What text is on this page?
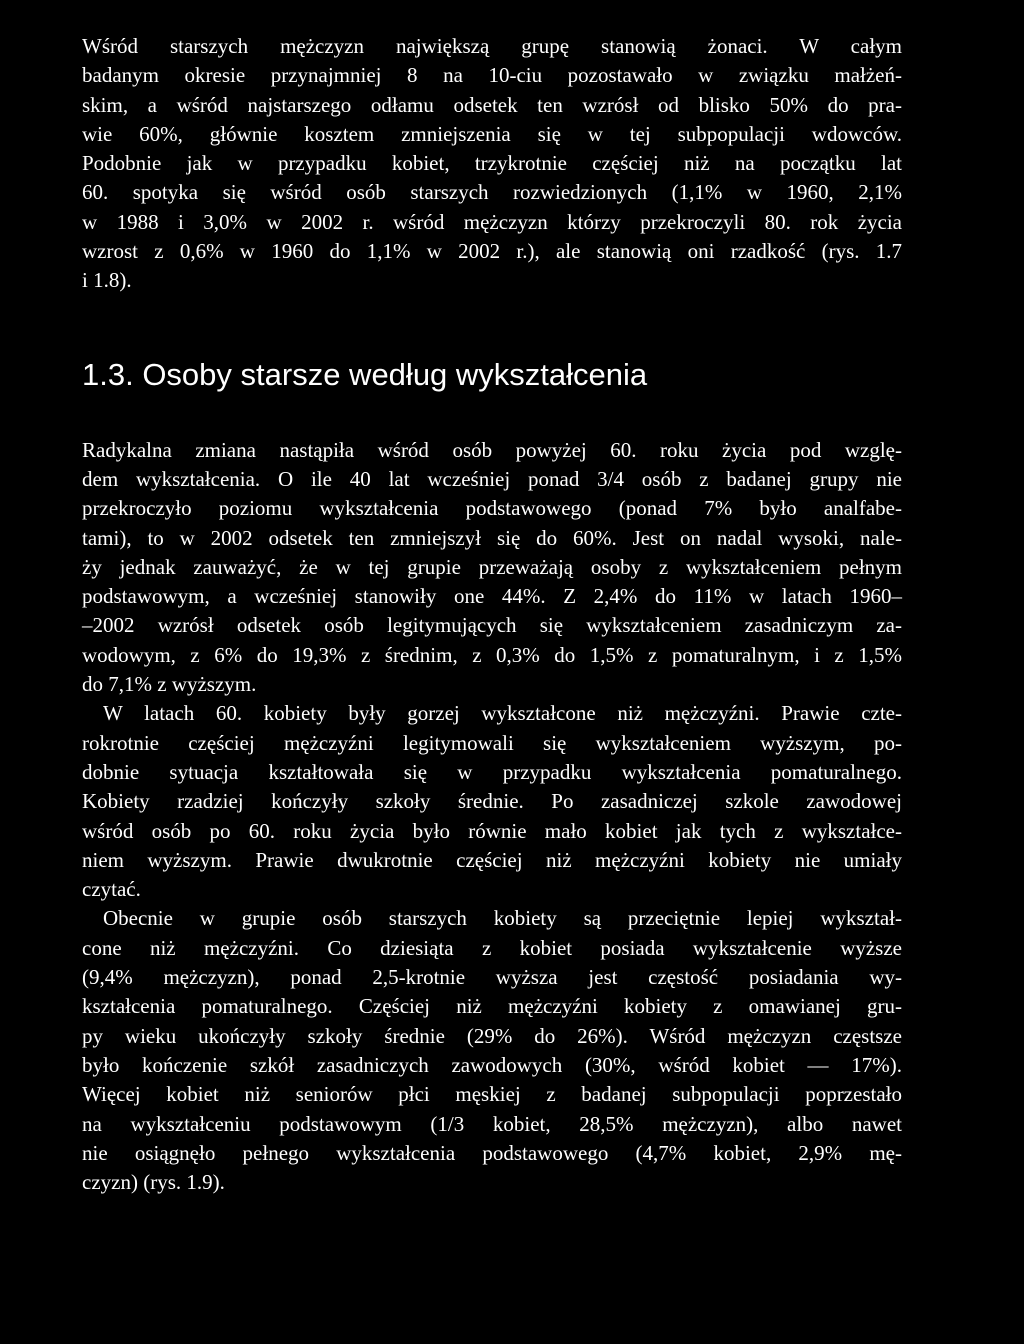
Wśród starszych mężczyzn największą grupę stanowią żonaci. W całym
badanym okresie przynajmniej 8 na 10-ciu pozostawało w związku małżeń-
skim, a wśród najstarszego odłamu odsetek ten wzrósł od blisko 50% do pra-
wie 60%, głównie kosztem zmniejszenia się w tej subpopulacji wdowców.
Podobnie jak w przypadku kobiet, trzykrotnie częściej niż na początku lat
60. spotyka się wśród osób starszych rozwiedzionych (1,1% w 1960, 2,1%
w 1988 i 3,0% w 2002 r. wśród mężczyzn którzy przekroczyli 80. rok życia
wzrost z 0,6% w 1960 do 1,1% w 2002 r.), ale stanowią oni rzadkość (rys. 1.7
i 1.8).
1.3. Osoby starsze według wykształcenia
Radykalna zmiana nastąpiła wśród osób powyżej 60. roku życia pod wzglę-
dem wykształcenia. O ile 40 lat wcześniej ponad 3/4 osób z badanej grupy nie
przekroczyło poziomu wykształcenia podstawowego (ponad 7% było analfabe-
tami), to w 2002 odsetek ten zmniejszył się do 60%. Jest on nadal wysoki, nale-
ży jednak zauważyć, że w tej grupie przeważają osoby z wykształceniem pełnym
podstawowym, a wcześniej stanowiły one 44%. Z 2,4% do 11% w latach 1960–
–2002 wzrósł odsetek osób legitymujących się wykształceniem zasadniczym za-
wodowym, z 6% do 19,3% z średnim, z 0,3% do 1,5% z pomaturalnym, i z 1,5%
do 7,1% z wyższym.
W latach 60. kobiety były gorzej wykształcone niż mężczyźni. Prawie czte-
rokrotnie częściej mężczyźni legitymowali się wykształceniem wyższym, po-
dobnie sytuacja kształtowała się w przypadku wykształcenia pomaturalnego.
Kobiety rzadziej kończyły szkoły średnie. Po zasadniczej szkole zawodowej
wśród osób po 60. roku życia było równie mało kobiet jak tych z wykształce-
niem wyższym. Prawie dwukrotnie częściej niż mężczyźni kobiety nie umiały
czytać.
Obecnie w grupie osób starszych kobiety są przeciętnie lepiej wykształ-
cone niż mężczyźni. Co dziesiąta z kobiet posiada wykształcenie wyższe
(9,4% mężczyzn), ponad 2,5-krotnie wyższa jest częstość posiadania wy-
kształcenia pomaturalnego. Częściej niż mężczyźni kobiety z omawianej gru-
py wieku ukończyły szkoły średnie (29% do 26%). Wśród mężczyzn częstsze
było kończenie szkół zasadniczych zawodowych (30%, wśród kobiet — 17%).
Więcej kobiet niż seniorów płci męskiej z badanej subpopulacji poprzestało
na wykształceniu podstawowym (1/3 kobiet, 28,5% mężczyzn), albo nawet
nie osiągnęło pełnego wykształcenia podstawowego (4,7% kobiet, 2,9% mę-
czyzn) (rys. 1.9).
